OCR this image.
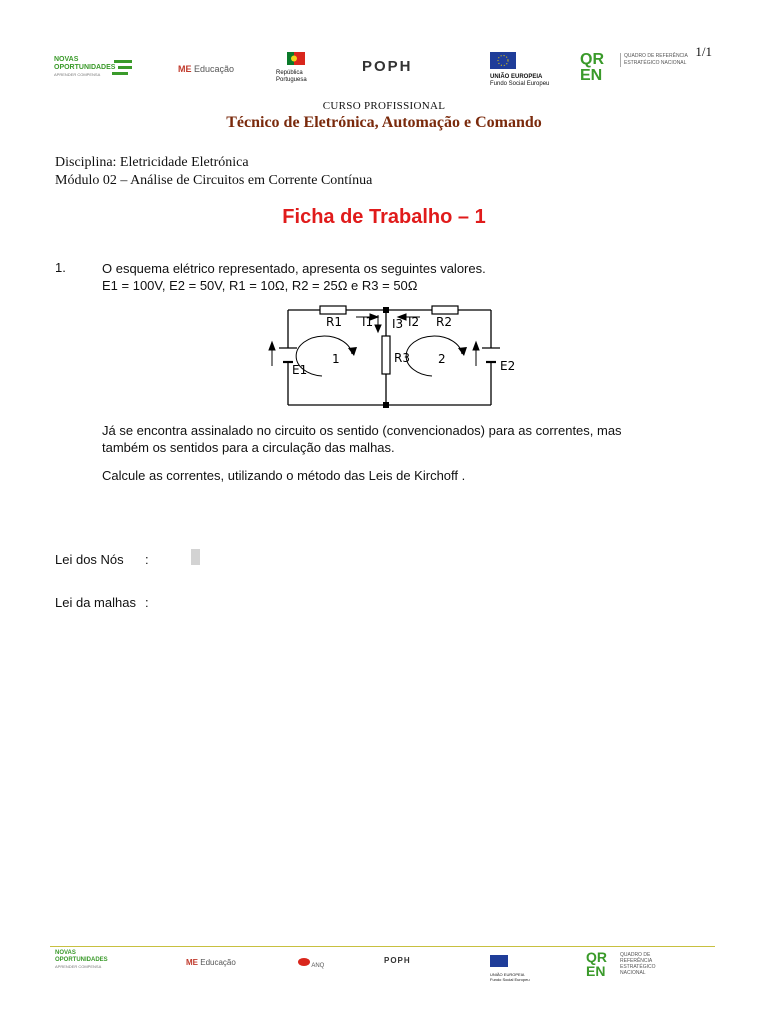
1/1
NOVAS
OPORTUNIDADES
APRENDER COMPENSA
ME Educação	República
Portuguesa
POPH
UNIÃO EUROPEIA
Fundo Social Europeu
QR EN
QUADRO DE REFERÊNCIA ESTRATÉGICO NACIONAL
CURSO PROFISSIONAL
Técnico de Eletrónica, Automação e Comando
Disciplina: Eletricidade Eletrónica
Módulo 02 – Análise de Circuitos em Corrente Contínua
Ficha de Trabalho – 1
1.	O esquema elétrico representado, apresenta os seguintes valores.
E1 = 100V, E2 = 50V, R1 = 10Ω, R2 = 25Ω e R3 = 50Ω
R1 I1 I3 I2 R2
R3
E1	E2
1	2
Já se encontra assinalado no circuito os sentido (convencionados) para as correntes, mas
também os sentidos para a circulação das malhas.
Calcule as correntes, utilizando o método das Leis de Kirchoff .
Lei dos Nós :
Lei da malhas :
NOVAS
OPORTUNIDADES
APRENDER COMPENSA	ME Educação	ANQ
POPH
UNIÃO EUROPEIA
Fundo Social Europeu
QR EN
QUADRO DE REFERÊNCIA ESTRATÉGICO NACIONAL
